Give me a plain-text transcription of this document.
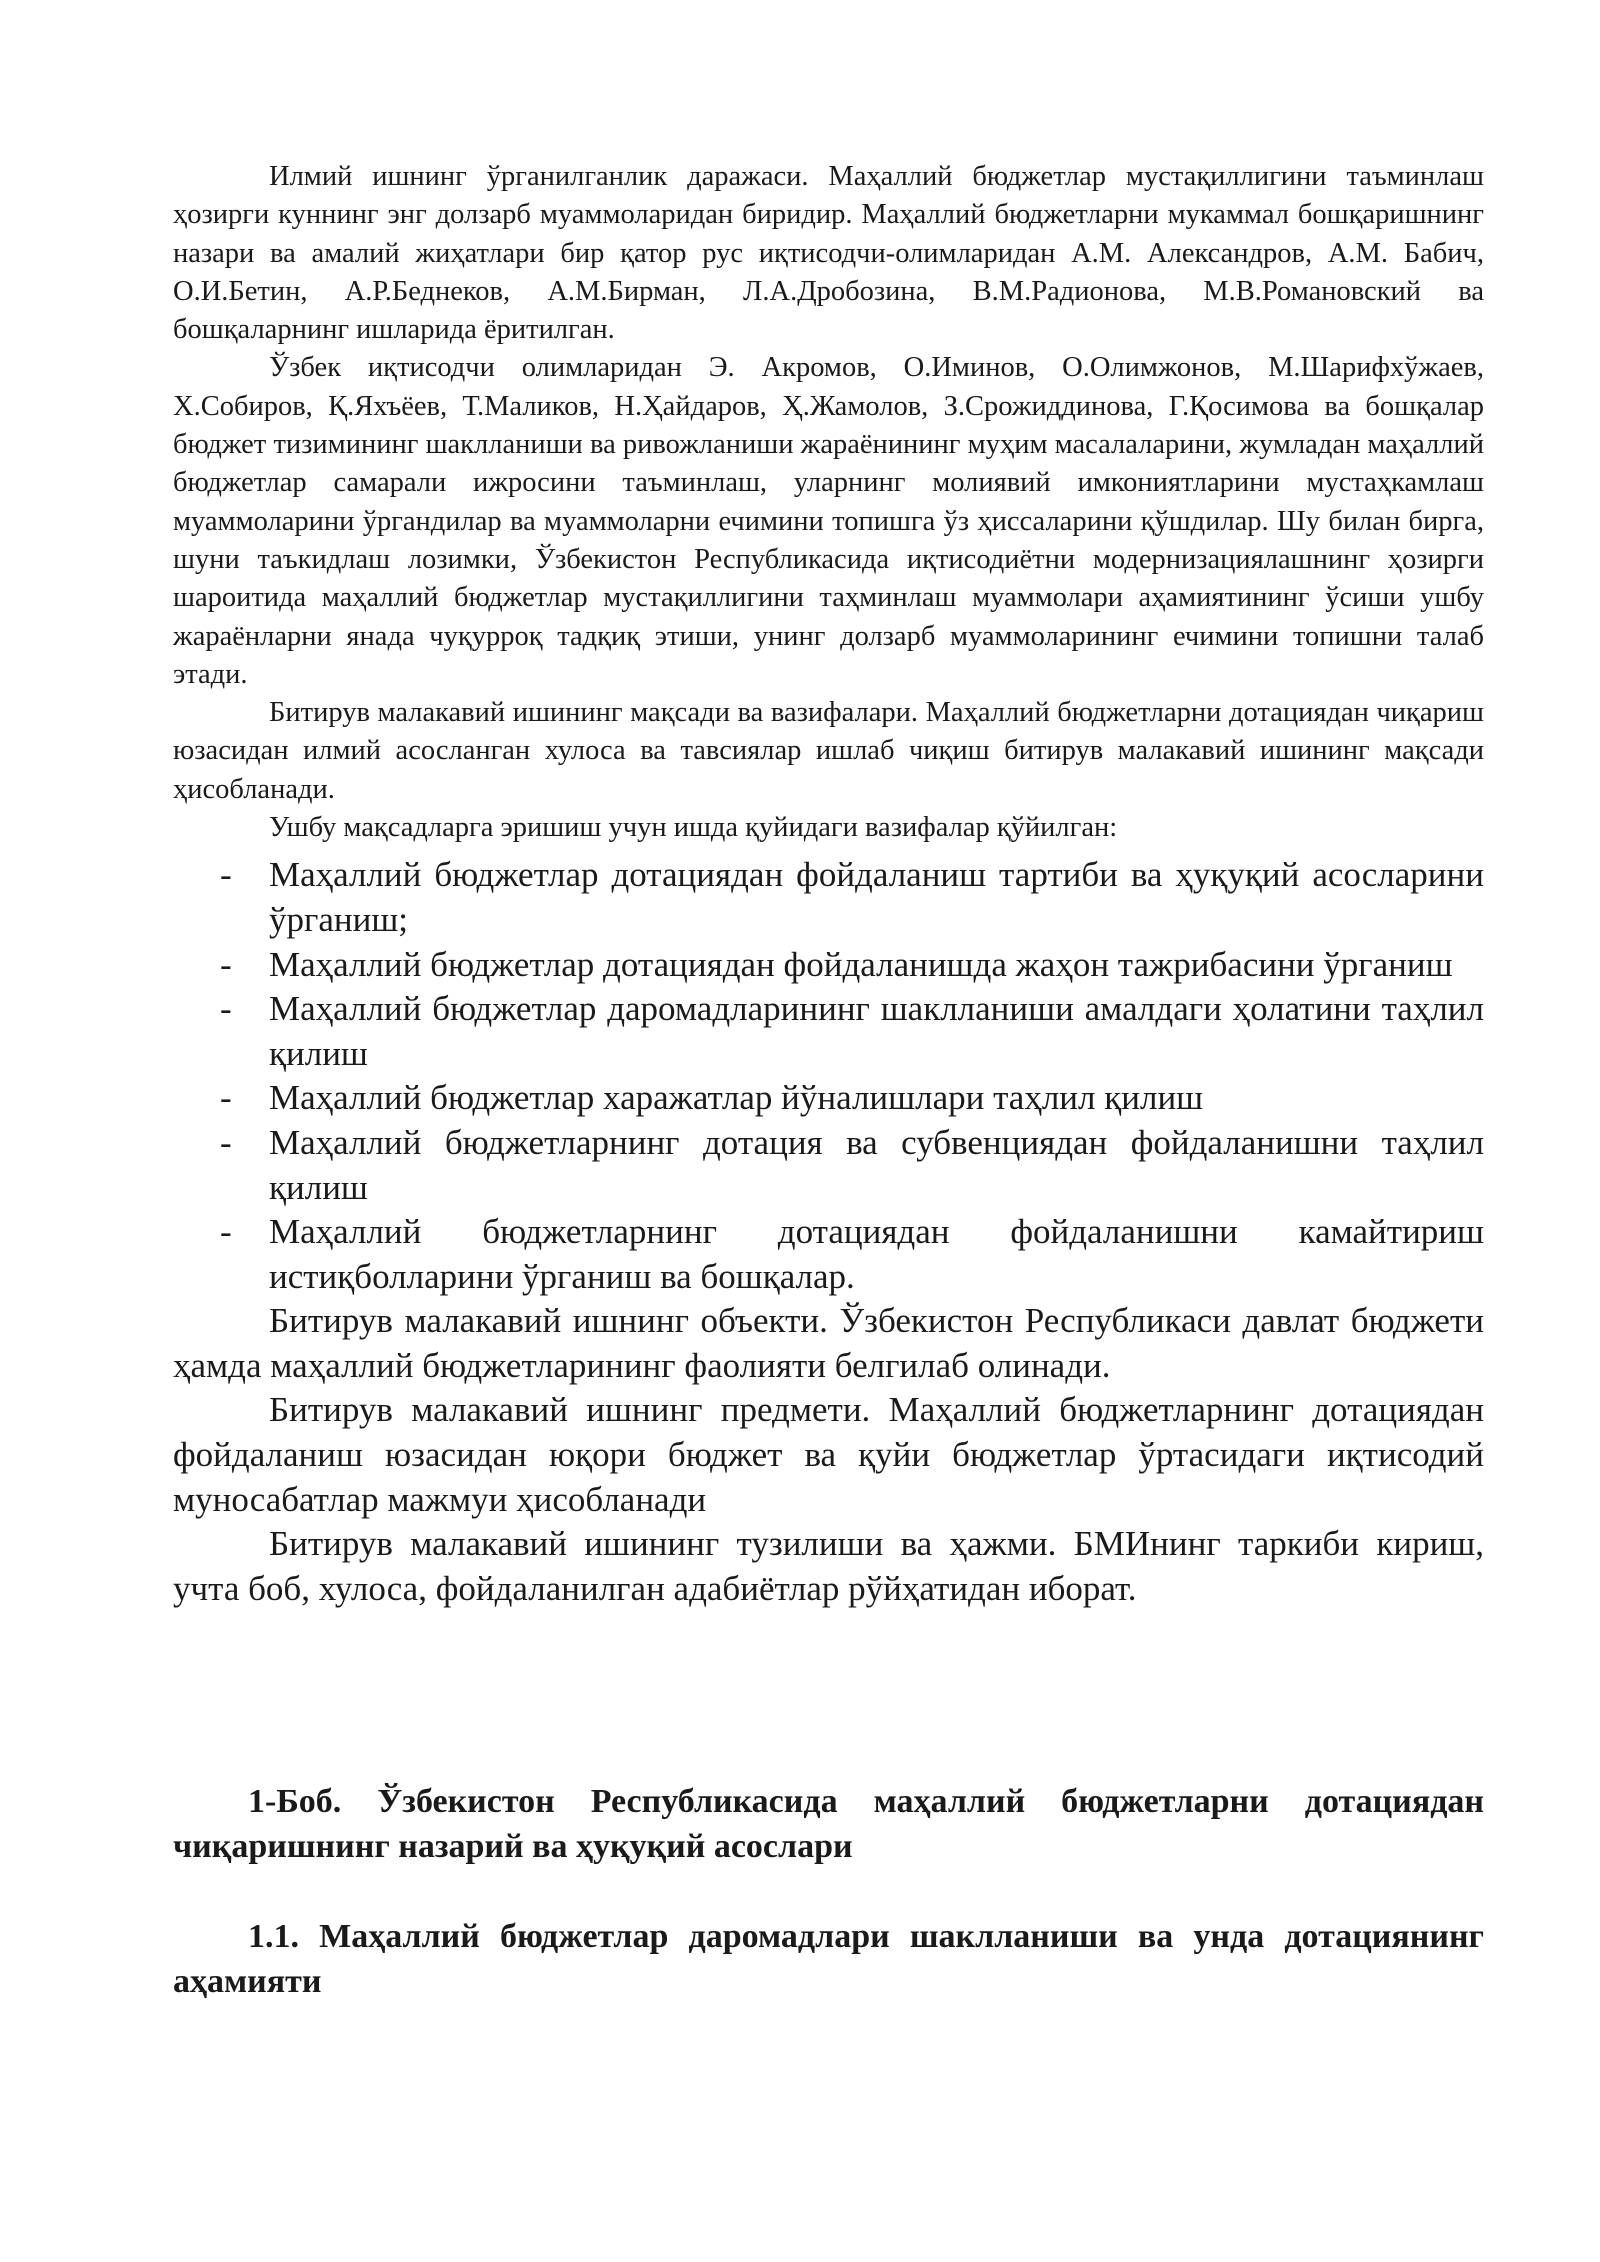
Илмий ишнинг ўрганилганлик даражаси. Маҳаллий бюджетлар мустақиллигини таъминлаш ҳозирги куннинг энг долзарб муаммоларидан биридир. Маҳаллий бюджетларни мукаммал бошқаришнинг назари ва амалий жиҳатлари бир қатор рус иқтисодчи-олимларидан А.М. Александров, А.М. Бабич, О.И.Бетин, А.Р.Беднеков, А.М.Бирман, Л.А.Дробозина, В.М.Радионова, М.В.Романовский ва бошқаларнинг ишларида ёритилган.

Ўзбек иқтисодчи олимларидан Э. Акромов, О.Иминов, О.Олимжонов, М.Шарифхўжаев, Х.Собиров, Қ.Яхъёев, Т.Маликов, Н.Ҳайдаров, Ҳ.Жамолов, З.Срожиддинова, Г.Қосимова ва бошқалар бюджет тизимининг шаклланиши ва ривожланиши жараёнининг муҳим масалаларини, жумладан маҳаллий бюджетлар самарали ижросини таъминлаш, уларнинг молиявий имкониятларини мустаҳкамлаш муаммоларини ўргандилар ва муаммоларни ечимини топишга ўз ҳиссаларини қўшдилар. Шу билан бирга, шуни таъкидлаш лозимки, Ўзбекистон Республикасида иқтисодиётни модернизациялашнинг ҳозирги шароитида маҳаллий бюджетлар мустақиллигини таҳминлаш муаммолари аҳамиятининг ўсиши ушбу жараёнларни янада чуқурроқ тадқиқ этиши, унинг долзарб муаммоларининг ечимини топишни талаб этади.

Битирув малакавий ишининг мақсади ва вазифалари. Маҳаллий бюджетларни дотациядан чиқариш юзасидан илмий асосланган хулоса ва тавсиялар ишлаб чиқиш битирув малакавий ишининг мақсади ҳисобланади.

Ушбу мақсадларга эришиш учун ишда қуйидаги вазифалар қўйилган:

- Маҳаллий бюджетлар дотациядан фойдаланиш тартиби ва ҳуқуқий асосларини ўрганиш;
- Маҳаллий бюджетлар дотациядан фойдаланишда жаҳон тажрибасини ўрганиш
- Маҳаллий бюджетлар даромадларининг шаклланиши амалдаги ҳолатини таҳлил қилиш
- Маҳаллий бюджетлар харажатлар йўналишлари таҳлил қилиш
- Маҳаллий бюджетларнинг дотация ва субвенциядан фойдаланишни таҳлил қилиш
- Маҳаллий бюджетларнинг дотациядан фойдаланишни камайтириш истиқболларини ўрганиш ва бошқалар.

Битирув малакавий ишнинг объекти. Ўзбекистон Республикаси давлат бюджети ҳамда маҳаллий бюджетларининг фаолияти белгилаб олинади.

Битирув малакавий ишнинг предмети. Маҳаллий бюджетларнинг дотациядан фойдаланиш юзасидан юқори бюджет ва қуйи бюджетлар ўртасидаги иқтисодий муносабатлар мажмуи ҳисобланади

Битирув малакавий ишининг тузилиши ва ҳажми. БМИнинг таркиби кириш, учта боб, хулоса, фойдаланилган адабиётлар рўйҳатидан иборат.

1-Боб. Ўзбекистон Республикасида маҳаллий бюджетларни дотациядан чиқаришнинг назарий ва ҳуқуқий асослари
1.1. Маҳаллий бюджетлар даромадлари шаклланиши ва унда дотациянинг аҳамияти
